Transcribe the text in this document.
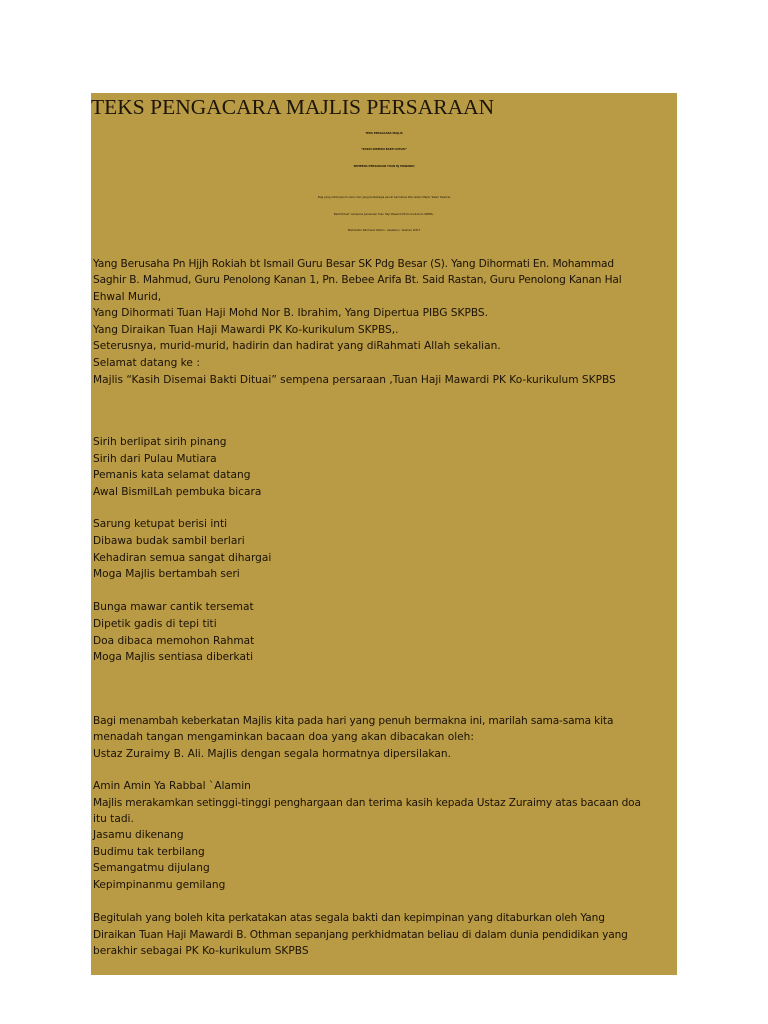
TEKS PENGACARA MAJLIS PERSARAAN
TEKS PENGACARA MAJLIS
“KASIH DISEMAI BAKTI DITUAI”
SEMPENA PERSARAAN TUAN HJ MAWARDI
Pagi yang indah penuh ceria. hari yang berbahagia penuh bermakna kita raikan Majlis “Kasih Disemai
Bakti Dituai” sempena persaraan Tuan Haji Mawardi PK Ko-kurikulum SKPBS,.
BismilLahir Rahmanir Rahim . Assalamu `Alaikum W.B.T
Yang Berusaha Pn Hjjh Rokiah bt Ismail Guru Besar SK Pdg Besar (S). Yang Dihormati En. Mohammad
Saghir B. Mahmud, Guru Penolong Kanan 1, Pn. Bebee Arifa Bt. Said Rastan, Guru Penolong Kanan Hal
Ehwal Murid,
Yang Dihormati Tuan Haji Mohd Nor B. Ibrahim, Yang Dipertua PIBG SKPBS.
Yang Diraikan Tuan Haji Mawardi PK Ko-kurikulum SKPBS,.
Seterusnya, murid-murid, hadirin dan hadirat yang diRahmati Allah sekalian.
Selamat datang ke :
Majlis “Kasih Disemai Bakti Dituai” sempena persaraan ,Tuan Haji Mawardi PK Ko-kurikulum SKPBS
Sirih berlipat sirih pinang
Sirih dari Pulau Mutiara
Pemanis kata selamat datang
Awal BismilLah pembuka bicara
Sarung ketupat berisi inti
Dibawa budak sambil berlari
Kehadiran semua sangat dihargai
Moga Majlis bertambah seri
Bunga mawar cantik tersemat
Dipetik gadis di tepi titi
Doa dibaca memohon Rahmat
Moga Majlis sentiasa diberkati
Bagi menambah keberkatan Majlis kita pada hari yang penuh bermakna ini, marilah sama-sama kita
menadah tangan mengaminkan bacaan doa yang akan dibacakan oleh:
Ustaz Zuraimy B. Ali. Majlis dengan segala hormatnya dipersilakan.
Amin Amin Ya Rabbal `Alamin
Majlis merakamkan setinggi-tinggi penghargaan dan terima kasih kepada Ustaz Zuraimy atas bacaan doa
itu tadi.
Jasamu dikenang
Budimu tak terbilang
Semangatmu dijulang
Kepimpinanmu gemilang
Begitulah yang boleh kita perkatakan atas segala bakti dan kepimpinan yang ditaburkan oleh Yang
Diraikan Tuan Haji Mawardi B. Othman sepanjang perkhidmatan beliau di dalam dunia pendidikan yang
berakhir sebagai PK Ko-kurikulum SKPBS
